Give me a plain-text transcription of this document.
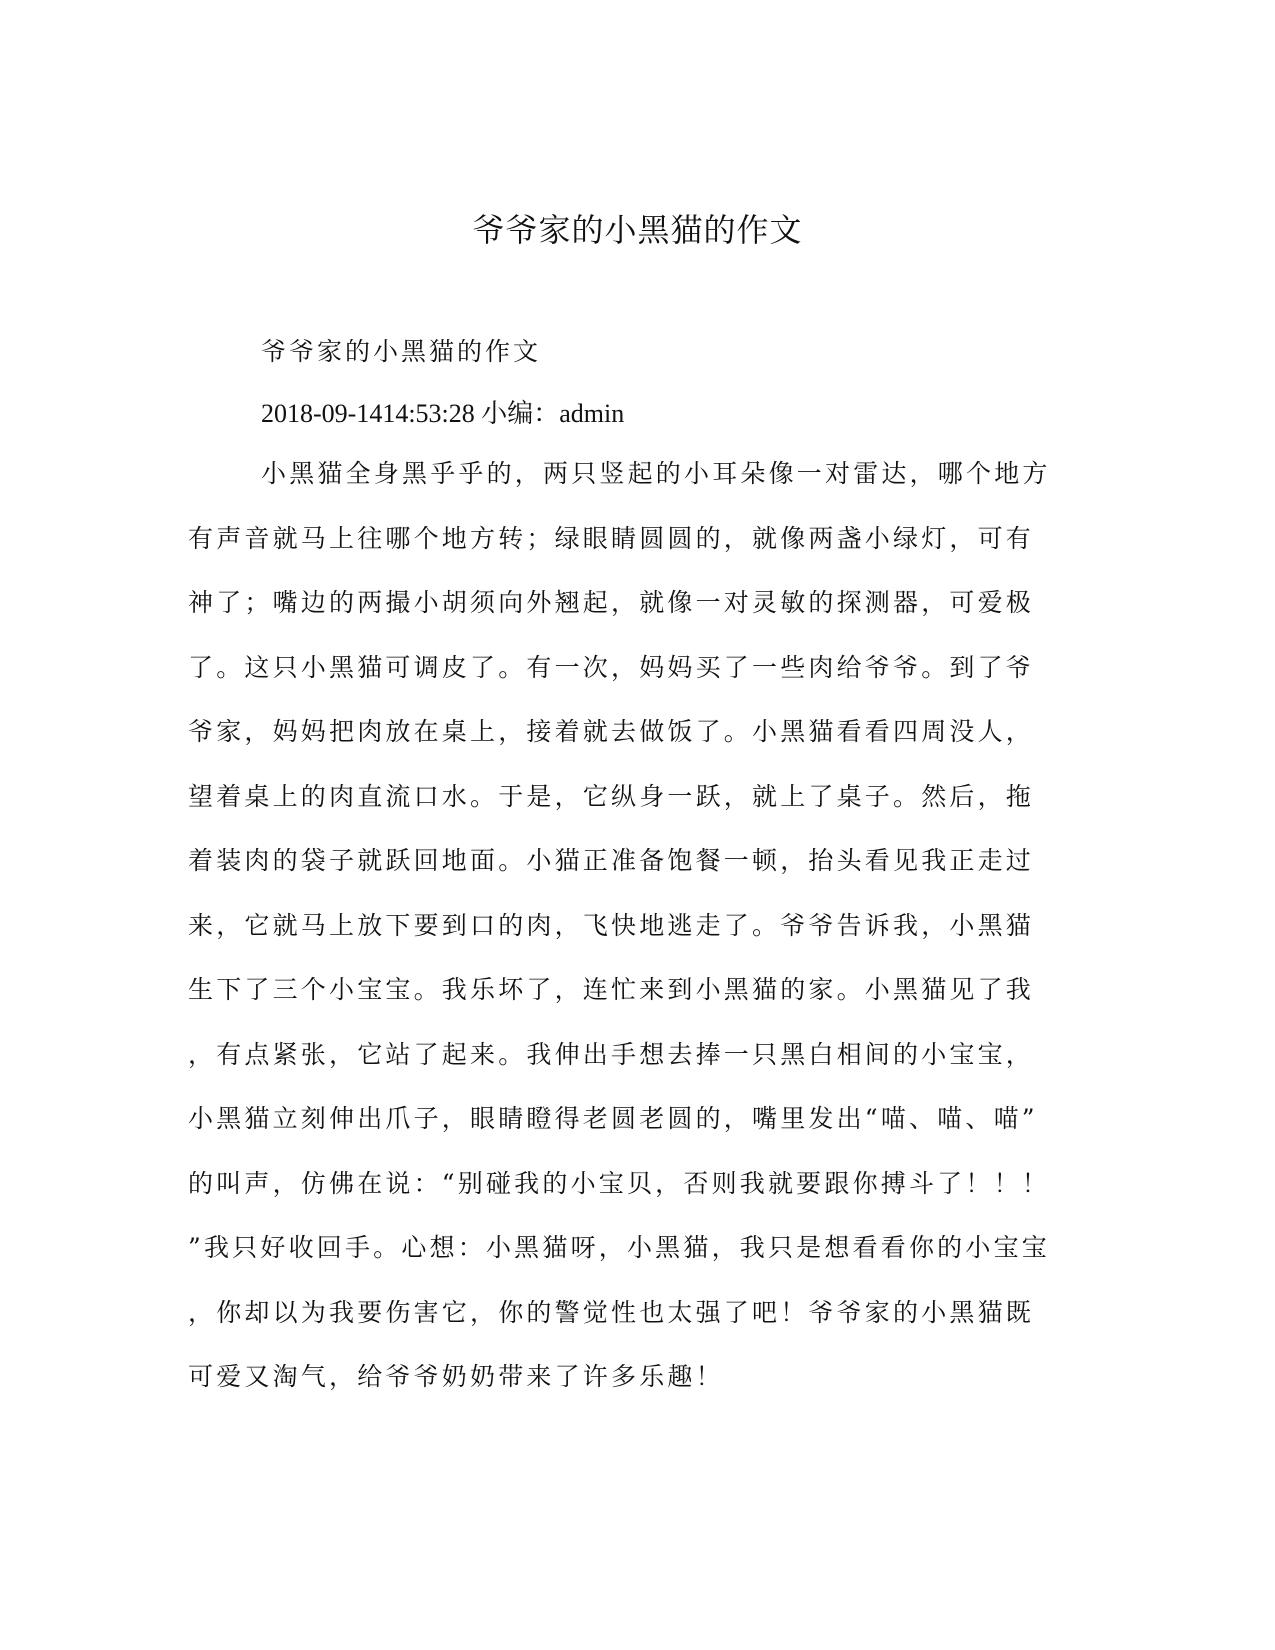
爷爷家的小黑猫的作文

爷爷家的小黑猫的作文

2018-09-1414:53:28 小编：admin

小黑猫全身黑乎乎的，两只竖起的小耳朵像一对雷达，哪个地方
有声音就马上往哪个地方转；绿眼睛圆圆的，就像两盏小绿灯，可有
神了；嘴边的两撮小胡须向外翘起，就像一对灵敏的探测器，可爱极
了。这只小黑猫可调皮了。有一次，妈妈买了一些肉给爷爷。到了爷
爷家，妈妈把肉放在桌上，接着就去做饭了。小黑猫看看四周没人，
望着桌上的肉直流口水。于是，它纵身一跃，就上了桌子。然后，拖
着装肉的袋子就跃回地面。小猫正准备饱餐一顿，抬头看见我正走过
来，它就马上放下要到口的肉，飞快地逃走了。爷爷告诉我，小黑猫
生下了三个小宝宝。我乐坏了，连忙来到小黑猫的家。小黑猫见了我
，有点紧张，它站了起来。我伸出手想去捧一只黑白相间的小宝宝，
小黑猫立刻伸出爪子，眼睛瞪得老圆老圆的，嘴里发出“喵、喵、喵”
的叫声，仿佛在说：“别碰我的小宝贝，否则我就要跟你搏斗了！！！
”我只好收回手。心想：小黑猫呀，小黑猫，我只是想看看你的小宝宝
，你却以为我要伤害它，你的警觉性也太强了吧！爷爷家的小黑猫既
可爱又淘气，给爷爷奶奶带来了许多乐趣！
